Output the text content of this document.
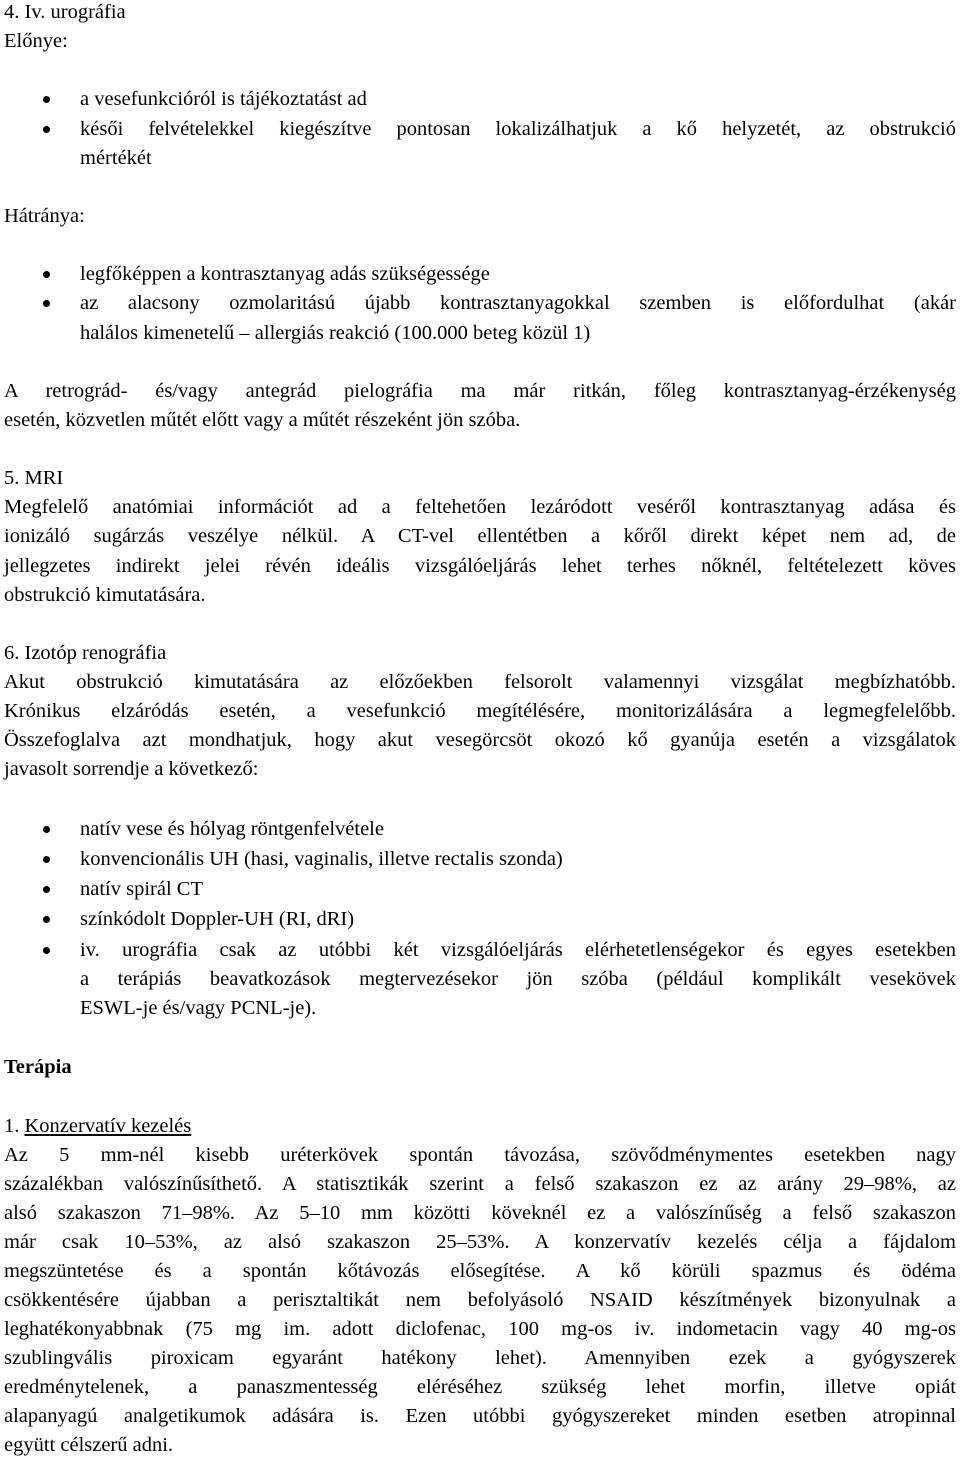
4. Iv. urográfia
Előnye:
a vesefunkcióról is tájékoztatást ad
késői felvételekkel kiegészítve pontosan lokalizálhatjuk a kő helyzetét, az obstrukció
mértékét
Hátránya:
legfőképpen a kontrasztanyag adás szükségessége
az alacsony ozmolaritású újabb kontrasztanyagokkal szemben is előfordulhat (akár
halálos kimenetelű – allergiás reakció (100.000 beteg közül 1)
A retrográd- és/vagy antegrád pielográfia ma már ritkán, főleg kontrasztanyag-érzékenység
esetén, közvetlen műtét előtt vagy a műtét részeként jön szóba.
5. MRI
Megfelelő anatómiai információt ad a feltehetően lezáródott veséről kontrasztanyag adása és
ionizáló sugárzás veszélye nélkül. A CT-vel ellentétben a kőről direkt képet nem ad, de
jellegzetes indirekt jelei révén ideális vizsgálóeljárás lehet terhes nőknél, feltételezett köves
obstrukció kimutatására.
6. Izotóp renográfia
Akut obstrukció kimutatására az előzőekben felsorolt valamennyi vizsgálat megbízhatóbb.
Krónikus elzáródás esetén, a vesefunkció megítélésére, monitorizálására a legmegfelelőbb.
Összefoglalva azt mondhatjuk, hogy akut vesegörcsöt okozó kő gyanúja esetén a vizsgálatok
javasolt sorrendje a következő:
natív vese és hólyag röntgenfelvétele
konvencionális UH (hasi, vaginalis, illetve rectalis szonda)
natív spirál CT
színkódolt Doppler-UH (RI, dRI)
iv. urográfia csak az utóbbi két vizsgálóeljárás elérhetetlenségekor és egyes esetekben
a terápiás beavatkozások megtervezésekor jön szóba (például komplikált vesekövek
ESWL-je és/vagy PCNL-je).
Terápia
1. Konzervatív kezelés
Az 5 mm-nél kisebb uréterkövek spontán távozása, szövődménymentes esetekben nagy
százalékban valószínűsíthető. A statisztikák szerint a felső szakaszon ez az arány 29–98%, az
alsó szakaszon 71–98%. Az 5–10 mm közötti köveknél ez a valószínűség a felső szakaszon
már csak 10–53%, az alsó szakaszon 25–53%. A konzervatív kezelés célja a fájdalom
megszüntetése és a spontán kőtávozás elősegítése. A kő körüli spazmus és ödéma
csökkentésére újabban a perisztaltikát nem befolyásoló NSAID készítmények bizonyulnak a
leghatékonyabbnak (75 mg im. adott diclofenac, 100 mg-os iv. indometacin vagy 40 mg-os
szublingvális piroxicam egyaránt hatékony lehet). Amennyiben ezek a gyógyszerek
eredménytelenek, a panaszmentesség eléréséhez szükség lehet morfin, illetve opiát
alapanyagú analgetikumok adására is. Ezen utóbbi gyógyszereket minden esetben atropinnal
együtt célszerű adni.
